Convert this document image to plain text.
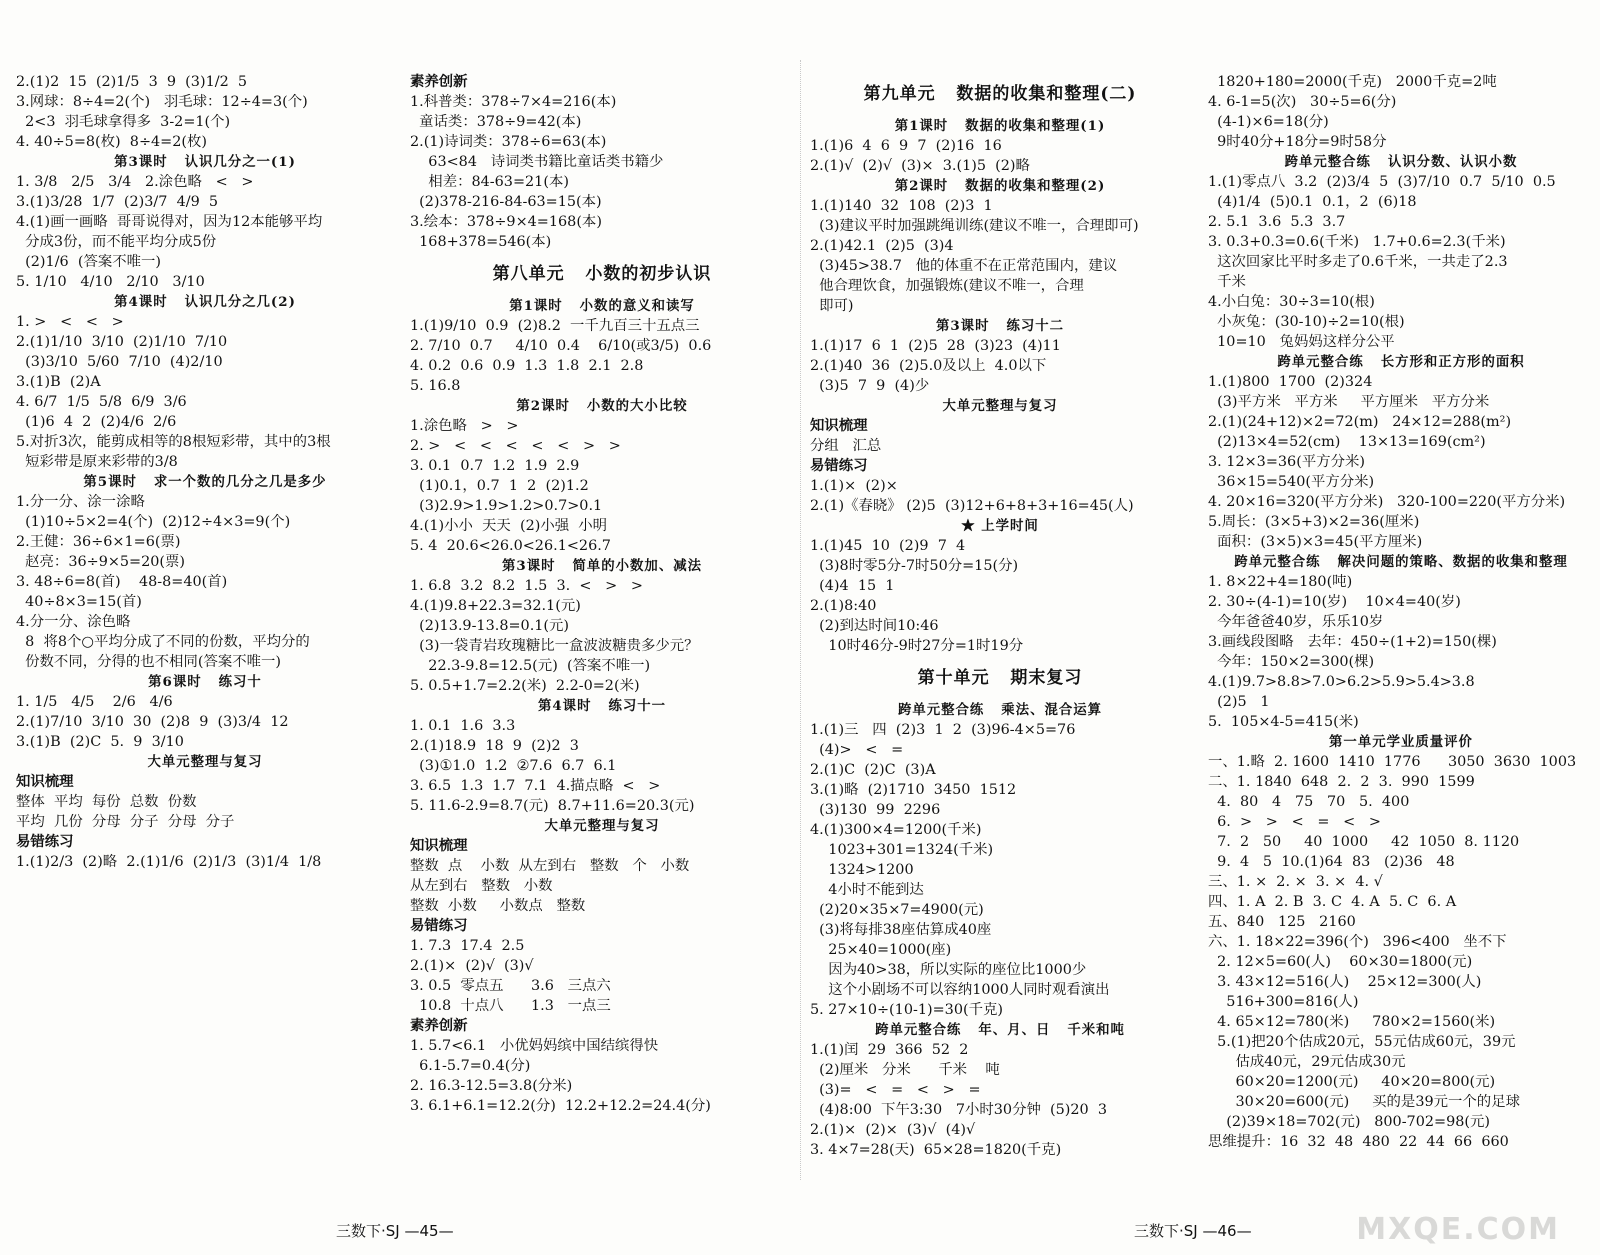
2.(1)2  15  (2)1/5  3  9  (3)1/2  5
3.网球：8÷4=2(个)   羽毛球：12÷4=3(个)
2<3  羽毛球拿得多  3-2=1(个)
4. 40÷5=8(枚)  8÷4=2(枚)
第3课时   认识几分之一(1)
1. 3/8   2/5   3/4   2.涂色略   <   >
3.(1)3/28  1/7  (2)3/7  4/9  5
4.(1)画一画略  哥哥说得对，因为12本能够平均
分成3份，而不能平均分成5份
(2)1/6  (答案不唯一)
5. 1/10   4/10   2/10   3/10
第4课时   认识几分之几(2)
1. >   <   <   >
2.(1)1/10  3/10  (2)1/10  7/10
(3)3/10  5/60  7/10  (4)2/10
3.(1)B  (2)A
4. 6/7  1/5  5/8  6/9  3/6
(1)6  4  2  (2)4/6  2/6
5.对折3次，能剪成相等的8根短彩带，其中的3根
短彩带是原来彩带的3/8
第5课时   求一个数的几分之几是多少
1.分一分、涂一涂略
(1)10÷5×2=4(个)  (2)12÷4×3=9(个)
2.王健：36÷6×1=6(票)
赵亮：36÷9×5=20(票)
3. 48÷6=8(首)    48-8=40(首)
40÷8×3=15(首)
4.分一分、涂色略
8  将8个○平均分成了不同的份数，平均分的
份数不同，分得的也不相同(答案不唯一)
第6课时   练习十
1. 1/5   4/5    2/6   4/6
2.(1)7/10  3/10  30  (2)8  9  (3)3/4  12
3.(1)B  (2)C  5.  9  3/10
大单元整理与复习
知识梳理
整体  平均  每份  总数  份数
平均  几份  分母  分子  分母  分子
易错练习
1.(1)2/3  (2)略  2.(1)1/6  (2)1/3  (3)1/4  1/8
素养创新
1.科普类：378÷7×4=216(本)
童话类：378÷9=42(本)
2.(1)诗词类：378÷6=63(本)
63<84   诗词类书籍比童话类书籍少
相差：84-63=21(本)
(2)378-216-84-63=15(本)
3.绘本：378÷9×4=168(本)
168+378=546(本)
第八单元   小数的初步认识
第1课时   小数的意义和读写
1.(1)9/10  0.9  (2)8.2  一千九百三十五点三
2. 7/10  0.7     4/10  0.4    6/10(或3/5)  0.6
4. 0.2  0.6  0.9  1.3  1.8  2.1  2.8
5. 16.8
第2课时   小数的大小比较
1.涂色略   >   >
2. >   <   <   <   <   <   >   >
3. 0.1  0.7  1.2  1.9  2.9
(1)0.1，0.7  1  2  (2)1.2
(3)2.9>1.9>1.2>0.7>0.1
4.(1)小小  天天  (2)小强  小明
5. 4  20.6<26.0<26.1<26.7
第3课时   简单的小数加、减法
1. 6.8  3.2  8.2  1.5  3.  <   >   >
4.(1)9.8+22.3=32.1(元)
(2)13.9-13.8=0.1(元)
(3)一袋青岩玫瑰糖比一盒波波糖贵多少元？
22.3-9.8=12.5(元)  (答案不唯一)
5. 0.5+1.7=2.2(米)  2.2-0=2(米)
第4课时   练习十一
1. 0.1  1.6  3.3
2.(1)18.9  18  9  (2)2  3
(3)①1.0  1.2  ②7.6  6.7  6.1
3. 6.5  1.3  1.7  7.1  4.描点略  <   >
5. 11.6-2.9=8.7(元)  8.7+11.6=20.3(元)
大单元整理与复习
知识梳理
整数  点    小数  从左到右   整数   个   小数
从左到右   整数   小数
整数  小数     小数点   整数
易错练习
1. 7.3  17.4  2.5
2.(1)×  (2)√  (3)√
3. 0.5  零点五      3.6   三点六
10.8  十点八      1.3   一点三
素养创新
1. 5.7<6.1   小优妈妈缤中国结缤得快
6.1-5.7=0.4(分)
2. 16.3-12.5=3.8(分米)
3. 6.1+6.1=12.2(分)  12.2+12.2=24.4(分)
第九单元   数据的收集和整理(二)
第1课时   数据的收集和整理(1)
1.(1)6  4  6  9  7  (2)16  16
2.(1)√  (2)√  (3)×  3.(1)5  (2)略
第2课时   数据的收集和整理(2)
1.(1)140  32  108  (2)3  1
(3)建议平时加强跳绳训练(建议不唯一，合理即可)
2.(1)42.1  (2)5  (3)4
(3)45>38.7   他的体重不在正常范围内，建议
他合理饮食，加强锻炼(建议不唯一，合理
即可)
第3课时   练习十二
1.(1)17  6  1  (2)5  28  (3)23  (4)11
2.(1)40  36  (2)5.0及以上  4.0以下
(3)5  7  9  (4)少
大单元整理与复习
知识梳理
分组   汇总
易错练习
1.(1)×  (2)×
2.(1)《春晓》 (2)5  (3)12+6+8+3+16=45(人)
★ 上学时间
1.(1)45  10  (2)9  7  4
(3)8时零5分-7时50分=15(分)
(4)4  15  1
2.(1)8:40
(2)到达时间10:46
10时46分-9时27分=1时19分
第十单元   期末复习
跨单元整合练   乘法、混合运算
1.(1)三   四  (2)3  1  2  (3)96-4×5=76
(4)>   <   =
2.(1)C  (2)C  (3)A
3.(1)略  (2)1710  3450  1512
(3)130  99  2296
4.(1)300×4=1200(千米)
1023+301=1324(千米)
1324>1200
4小时不能到达
(2)20×35×7=4900(元)
(3)将每排38座估算成40座
25×40=1000(座)
因为40>38，所以实际的座位比1000少
这个小剧场不可以容纳1000人同时观看演出
5. 27×10÷(10-1)=30(千克)
跨单元整合练   年、月、日   千米和吨
1.(1)闰  29  366  52  2
(2)厘米   分米      千米    吨
(3)=   <   =   <   >   =
(4)8:00  下午3:30   7小时30分钟  (5)20  3
2.(1)×  (2)×  (3)√  (4)√
3. 4×7=28(天)  65×28=1820(千克)
1820+180=2000(千克)   2000千克=2吨
4. 6-1=5(次)   30÷5=6(分)
(4-1)×6=18(分)
9时40分+18分=9时58分
跨单元整合练   认识分数、认识小数
1.(1)零点八  3.2  (2)3/4  5  (3)7/10  0.7  5/10  0.5
(4)1/4  (5)0.1  0.1，2  (6)18
2. 5.1  3.6  5.3  3.7
3. 0.3+0.3=0.6(千米)   1.7+0.6=2.3(千米)
这次回家比平时多走了0.6千米，一共走了2.3
千米
4.小白兔：30÷3=10(根)
小灰兔：(30-10)÷2=10(根)
10=10   兔妈妈这样分公平
跨单元整合练   长方形和正方形的面积
1.(1)800  1700  (2)324
(3)平方米   平方米     平方厘米   平方分米
2.(1)(24+12)×2=72(m)   24×12=288(m²)
(2)13×4=52(cm)    13×13=169(cm²)
3. 12×3=36(平方分米)
36×15=540(平方分米)
4. 20×16=320(平方分米)   320-100=220(平方分米)
5.周长：(3×5+3)×2=36(厘米)
面积：(3×5)×3=45(平方厘米)
跨单元整合练   解决问题的策略、数据的收集和整理
1. 8×22+4=180(吨)
2. 30÷(4-1)=10(岁)    10×4=40(岁)
今年爸爸40岁，乐乐10岁
3.画线段图略   去年：450÷(1+2)=150(棵)
今年：150×2=300(棵)
4.(1)9.7>8.8>7.0>6.2>5.9>5.4>3.8
(2)5   1
5.  105×4-5=415(米)
第一单元学业质量评价
一、1.略  2. 1600  1410  1776      3050  3630  1003
二、1. 1840  648  2.  2  3.  990  1599
4.  80   4   75   70   5.  400
6.  >   >   <   =   <   >
7.  2   50     40  1000     42  1050  8. 1120
9.  4   5  10.(1)64  83   (2)36   48
三、1. ×  2. ×  3. ×  4. √
四、1. A  2. B  3. C  4. A  5. C  6. A
五、840   125   2160
六、1. 18×22=396(个)   396<400   坐不下
2. 12×5=60(人)    60×30=1800(元)
3. 43×12=516(人)    25×12=300(人)
516+300=816(人)
4. 65×12=780(米)     780×2=1560(米)
5.(1)把20个估成20元，55元估成60元，39元
估成40元，29元估成30元
60×20=1200(元)     40×20=800(元)
30×20=600(元)     买的是39元一个的足球
(2)39×18=702(元)   800-702=98(元)
思维提升：16  32  48  480  22  44  66  660
三数下·SJ —45—	三数下·SJ —46—	MXQE.COM
